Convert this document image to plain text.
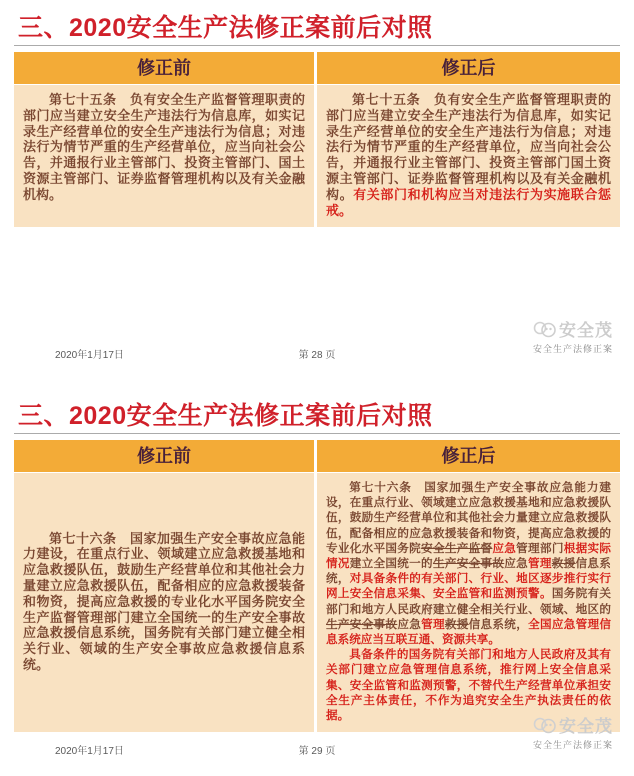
三、2020安全生产法修正案前后对照
修正前	修正后

第七十五条　负有安全生产监督管理职责的部门应当建立安全生产违法行为信息库，如实记录生产经营单位的安全生产违法行为信息；对违法行为情节严重的生产经营单位，应当向社会公告，并通报行业主管部门、投资主管部门、国土资源主管部门、证券监督管理机构以及有关金融机构。

第七十五条　负有安全生产监督管理职责的部门应当建立安全生产违法行为信息库，如实记录生产经营单位的安全生产违法行为信息；对违法行为情节严重的生产经营单位，应当向社会公告，并通报行业主管部门、投资主管部门国土资源主管部门、证券监督管理机构以及有关金融机构。有关部门和机构应当对违法行为实施联合惩戒。

2020年1月17日	第 28 页
安全茂
安全生产法修正案
三、2020安全生产法修正案前后对照
修正前	修正后

第七十六条　国家加强生产安全事故应急能力建设，在重点行业、领域建立应急救援基地和应急救援队伍，鼓励生产经营单位和其他社会力量建立应急救援队伍，配备相应的应急救援装备和物资，提高应急救援的专业化水平国务院安全生产监督管理部门建立全国统一的生产安全事故应急救援信息系统，国务院有关部门建立健全相关行业、领域的生产安全事故应急救援信息系统。

第七十六条　国家加强生产安全事故应急能力建设，在重点行业、领域建立应急救援基地和应急救援队伍，鼓励生产经营单位和其他社会力量建立应急救援队伍，配备相应的应急救援装备和物资，提高应急救援的专业化水平国务院安全生产监督应急管理部门根据实际情况建立全国统一的生产安全事故应急管理救援信息系统，对具备条件的有关部门、行业、地区逐步推行实行网上安全信息采集、安全监管和监测预警。国务院有关部门和地方人民政府建立健全相关行业、领域、地区的生产安全事故应急管理救援信息系统，全国应急管理信息系统应当互联互通、资源共享。

具备条件的国务院有关部门和地方人民政府及其有关部门建立应急管理信息系统，推行网上安全信息采集、安全监管和监测预警，不替代生产经营单位承担安全生产主体责任，不作为追究安全生产执法责任的依据。

2020年1月17日	第 29 页
安全茂
安全生产法修正案
